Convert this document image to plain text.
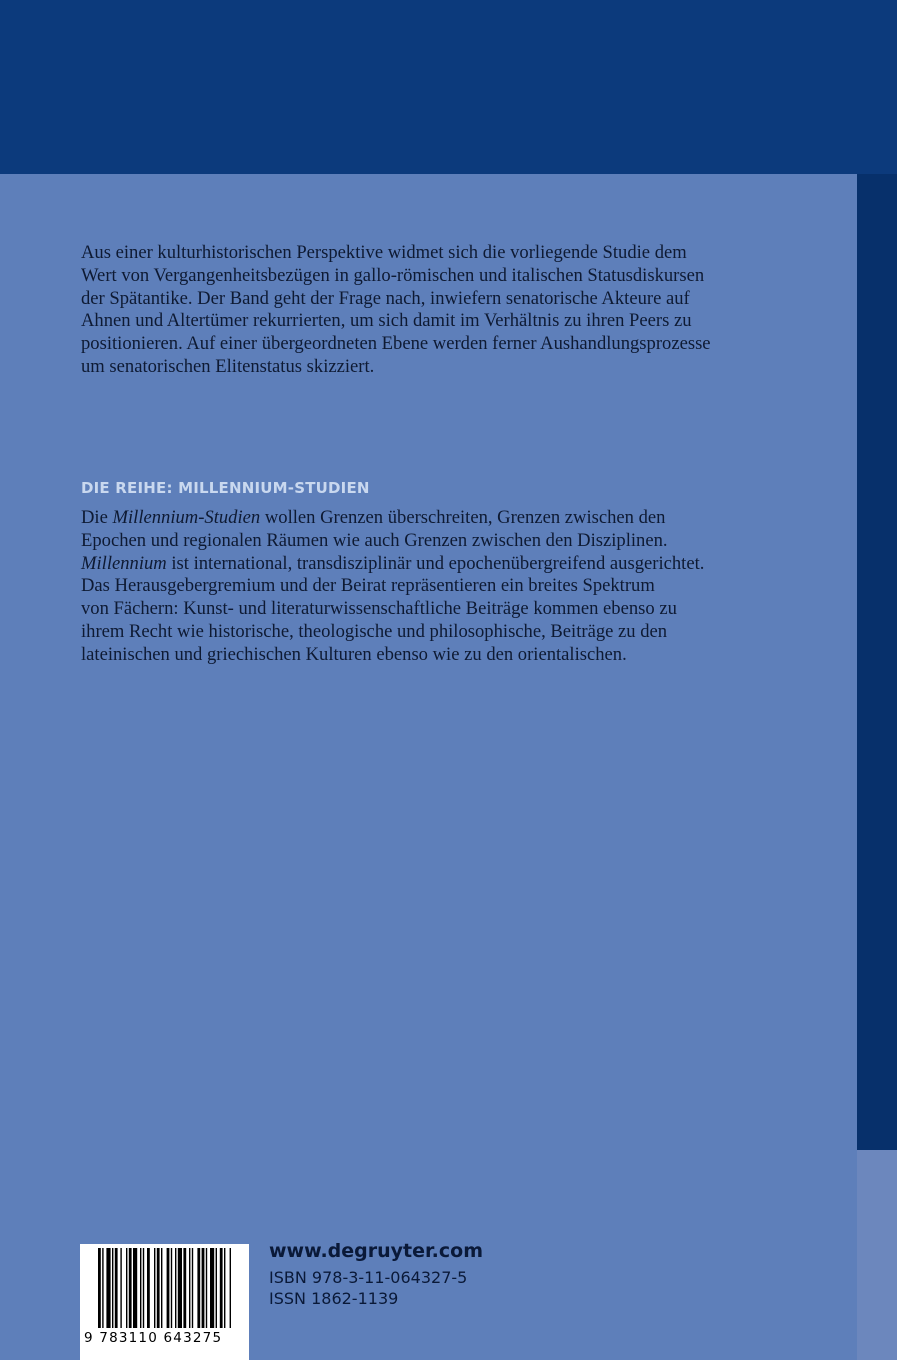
Aus einer kulturhistorischen Perspektive widmet sich die vorliegende Studie dem

Wert von Vergangenheitsbezügen in gallo-römischen und italischen Statusdiskursen

der Spätantike. Der Band geht der Frage nach, inwiefern senatorische Akteure auf

Ahnen und Altertümer rekurrierten, um sich damit im Verhältnis zu ihren Peers zu

positionieren. Auf einer übergeordneten Ebene werden ferner Aushandlungsprozesse

um senatorischen Elitenstatus skizziert.

DIE REIHE: MILLENNIUM-STUDIEN

Die Millennium-Studien wollen Grenzen überschreiten, Grenzen zwischen den

Epochen und regionalen Räumen wie auch Grenzen zwischen den Disziplinen.

Millennium ist international, transdisziplinär und epochenübergreifend ausgerichtet.

Das Herausgebergremium und der Beirat repräsentieren ein breites Spektrum

von Fächern: Kunst- und literaturwissenschaftliche Beiträge kommen ebenso zu

ihrem Recht wie historische, theologische und philosophische, Beiträge zu den

lateinischen und griechischen Kulturen ebenso wie zu den orientalischen.

9 783110 643275
www.degruyter.com
ISBN 978-3-11-064327-5
ISSN 1862-1139
